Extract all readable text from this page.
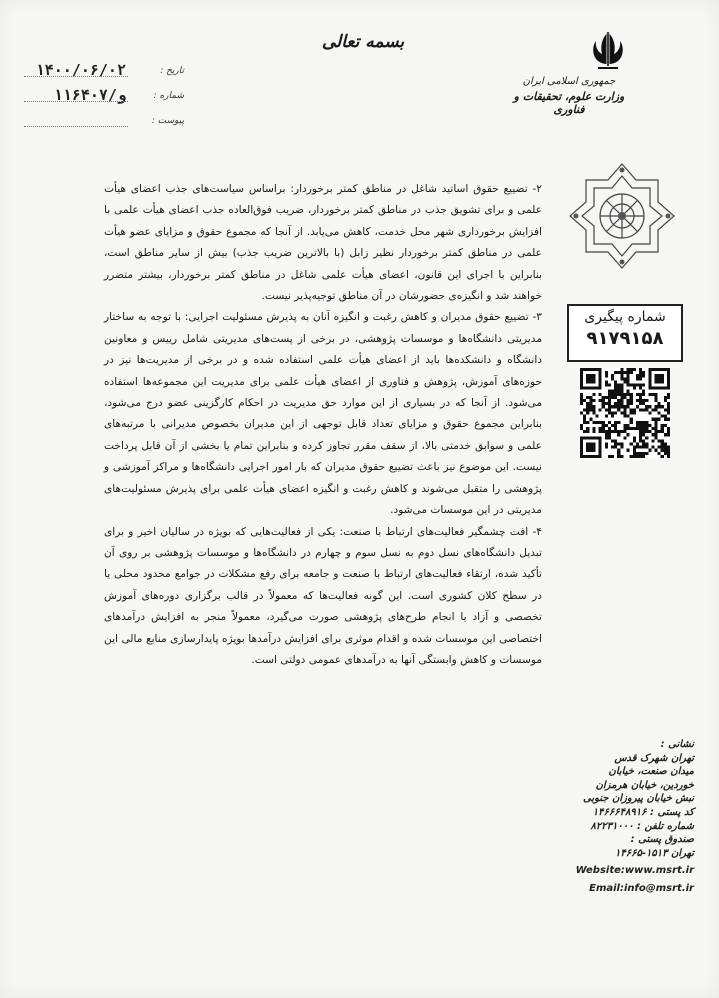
بسمه تعالی
تاریخ :
۱۴۰۰/۰۶/۰۲
شماره :
۱۱۶۴۰۷/و
پیوست :
جمهوری اسلامی ایران
وزارت علوم، تحقیقات و فناوری
شماره پیگیری
۹۱۷۹۱۵۸

۲- تضییع حقوق اساتید شاغل در مناطق کمتر برخوردار: براساس سیاست‌های جذب اعضای هیأت علمی و برای تشویق جذب در مناطق کمتر برخوردار، ضریب فوق‌العاده جذب اعضای هیأت علمی با افزایش برخورداری شهر محل خدمت، کاهش می‌یابد. از آنجا که مجموع حقوق و مزایای عضو هیأت علمی در مناطق کمتر برخوردار نظیر زابل (با بالاترین ضریب جذب) بیش از سایر مناطق است، بنابراین با اجرای این قانون، اعضای هیأت علمی شاغل در مناطق کمتر برخوردار، بیشتر متضرر خواهند شد و انگیزه‌ی حضورشان در آن مناطق توجیه‌پذیر نیست.

۳- تضییع حقوق مدیران و کاهش رغبت و انگیزه آنان به پذیرش مسئولیت اجرایی: با توجه به ساختار مدیریتی دانشگاه‌ها و موسسات پژوهشی، در برخی از پست‌های مدیریتی شامل رییس و معاونین دانشگاه و دانشکده‌ها باید از اعضای هیأت علمی استفاده شده و در برخی از مدیریت‌ها نیز در حوزه‌های آموزش، پژوهش و فناوری از اعضای هیأت علمی برای مدیریت این مجموعه‌ها استفاده می‌شود. از آنجا که در بسیاری از این موارد حق مدیریت در احکام کارگزینی عضو درج می‌شود، بنابراین مجموع حقوق و مزایای تعداد قابل توجهی از این مدیران بخصوص مدیرانی با مرتبه‌های علمی و سوابق خدمتی بالا، از سقف مقرر تجاوز کرده و بنابراین تمام یا بخشی از آن قابل پرداخت نیست. این موضوع نیز باعث تضییع حقوق مدیران که بار امور اجرایی دانشگاه‌ها و مراکز آموزشی و پژوهشی را متقبل می‌شوند و کاهش رغبت و انگیزه اعضای هیأت علمی برای پذیرش مسئولیت‌های مدیریتی در این موسسات می‌شود.

۴- افت چشمگیر فعالیت‌های ارتباط با صنعت: یکی از فعالیت‌هایی که بویژه در سالیان اخیر و برای تبدیل دانشگاه‌های نسل دوم به نسل سوم و چهارم در دانشگاه‌ها و موسسات پژوهشی بر روی آن تأکید شده، ارتقاء فعالیت‌های ارتباط با صنعت و جامعه برای رفع مشکلات در جوامع محدود محلی یا در سطح کلان کشوری است. این گونه فعالیت‌ها که معمولاً در قالب برگزاری دوره‌های آموزش تخصصی و آزاد یا انجام طرح‌های پژوهشی صورت می‌گیرد، معمولاً منجر به افزایش درآمدهای اختصاصی این موسسات شده و اقدام موثری برای افزایش درآمدها بویژه پایدارسازی منابع مالی این موسسات و کاهش وابستگی آنها به درآمدهای عمومی دولتی است.

نشانی :
تهران شهرک قدس
میدان صنعت، خیابان
خوردین، خیابان هرمزان
نبش خیابان پیروزان جنوبی
کد پستی : ۱۴۶۶۶۴۸۹۱۶
شماره تلفن : ۸۲۲۳۱۰۰۰
صندوق پستی :
تهران ۱۵۱۳-۱۴۶۶۵
Website:www.msrt.ir
Email:info@msrt.ir
